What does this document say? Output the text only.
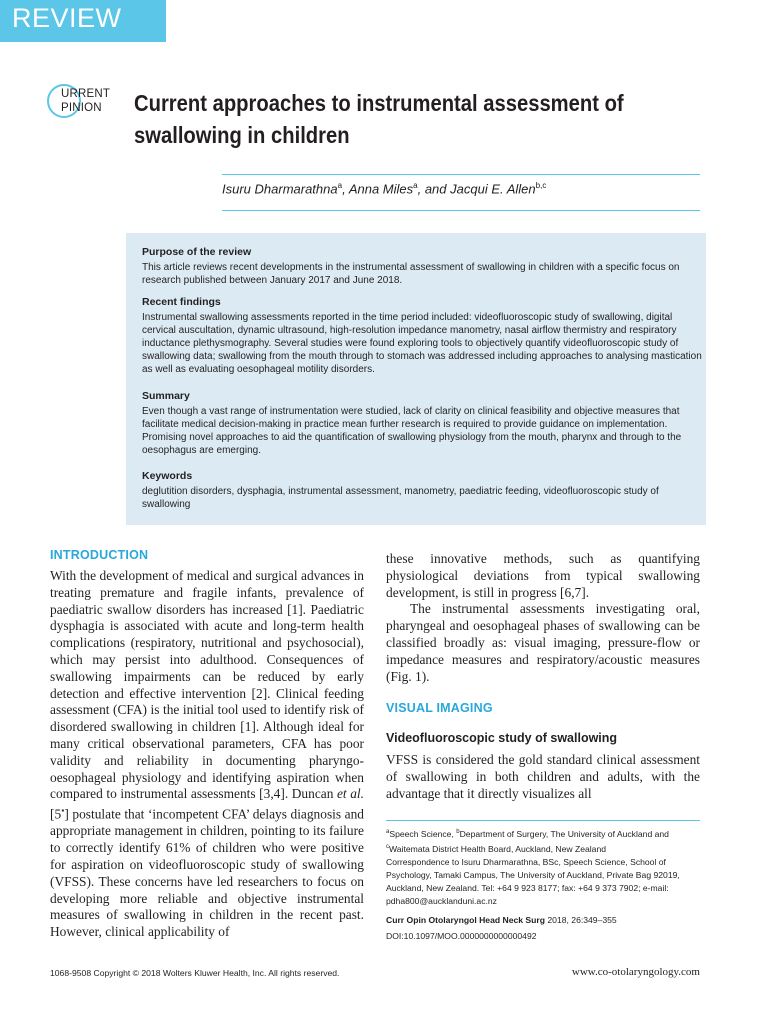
REVIEW
URRENT
PINION Current approaches to instrumental assessment of
swallowing in children
Isuru Dharmarathna$^a$, Anna Miles$^a$, and Jacqui E. Allen$^{b,c}$
Purpose of the review

This article reviews recent developments in the instrumental assessment of swallowing in children with a specific focus on research published between January 2017 and June 2018.

Recent findings

Instrumental swallowing assessments reported in the time period included: videofluoroscopic study of swallowing, digital cervical auscultation, dynamic ultrasound, high-resolution impedance manometry, nasal airflow thermistry and respiratory inductance plethysmography. Several studies were found exploring tools to objectively quantify videofluoroscopic study of swallowing data; swallowing from the mouth through to stomach was addressed including approaches to analysing mastication as well as evaluating oesophageal motility disorders.

Summary

Even though a vast range of instrumentation were studied, lack of clarity on clinical feasibility and objective measures that facilitate medical decision-making in practice mean further research is required to provide guidance on implementation. Promising novel approaches to aid the quantification of swallowing physiology from the mouth, pharynx and through to the oesophagus are emerging.

Keywords

deglutition disorders, dysphagia, instrumental assessment, manometry, paediatric feeding, videofluoroscopic study of swallowing

INTRODUCTION

With the development of medical and surgical advances in treating premature and fragile infants, prevalence of paediatric swallow disorders has increased [1]. Paediatric dysphagia is associated with acute and long-term health complications (respiratory, nutritional and psychosocial), which may persist into adulthood. Consequences of swallowing impairments can be reduced by early detection and effective intervention [2]. Clinical feeding assessment (CFA) is the initial tool used to identify risk of disordered swallowing in children [1]. Although ideal for many critical observational parameters, CFA has poor validity and reliability in documenting pharyngo-oesophageal physiology and identifying aspiration when compared to instrumental assessments [3,4]. Duncan et al. [5▪] postulate that ‘incompetent CFA’ delays diagnosis and appropriate management in children, pointing to its failure to correctly identify 61% of children who were positive for aspiration on videofluoroscopic study of swallowing (VFSS). These concerns have led researchers to focus on developing more reliable and objective instrumental measures of swallowing in children in the recent past. However, clinical applicability of

these innovative methods, such as quantifying physiological deviations from typical swallowing development, is still in progress [6,7].

The instrumental assessments investigating oral, pharyngeal and oesophageal phases of swallowing can be classified broadly as: visual imaging, pressure-flow or impedance measures and respiratory/acoustic measures (Fig. 1).

VISUAL IMAGING
Videofluoroscopic study of swallowing

VFSS is considered the gold standard clinical assessment of swallowing in both children and adults, with the advantage that it directly visualizes all

$^a$Speech Science, $^b$Department of Surgery, The University of Auckland and $^c$Waitemata District Health Board, Auckland, New Zealand

Correspondence to Isuru Dharmarathna, BSc, Speech Science, School of Psychology, Tamaki Campus, The University of Auckland, Private Bag 92019, Auckland, New Zealand. Tel: +64 9 923 8177; fax: +64 9 373 7902; e-mail: pdha800@aucklanduni.ac.nz

Curr Opin Otolaryngol Head Neck Surg 2018, 26:349–355

DOI:10.1097/MOO.0000000000000492

1068-9508 Copyright © 2018 Wolters Kluwer Health, Inc. All rights reserved.	www.co-otolaryngology.com
